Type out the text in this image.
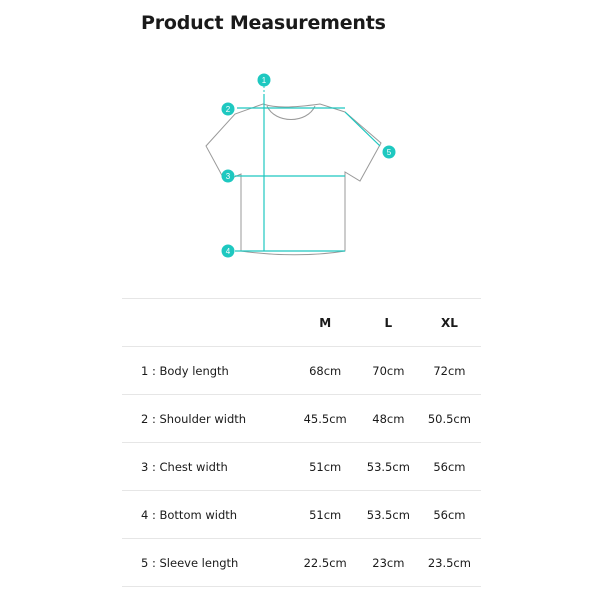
Product Measurements
1
2
3
4
5
	M	L	XL
1 : Body length	68cm	70cm	72cm
2 : Shoulder width	45.5cm	48cm	50.5cm
3 : Chest width	51cm	53.5cm	56cm
4 : Bottom width	51cm	53.5cm	56cm
5 : Sleeve length	22.5cm	23cm	23.5cm
